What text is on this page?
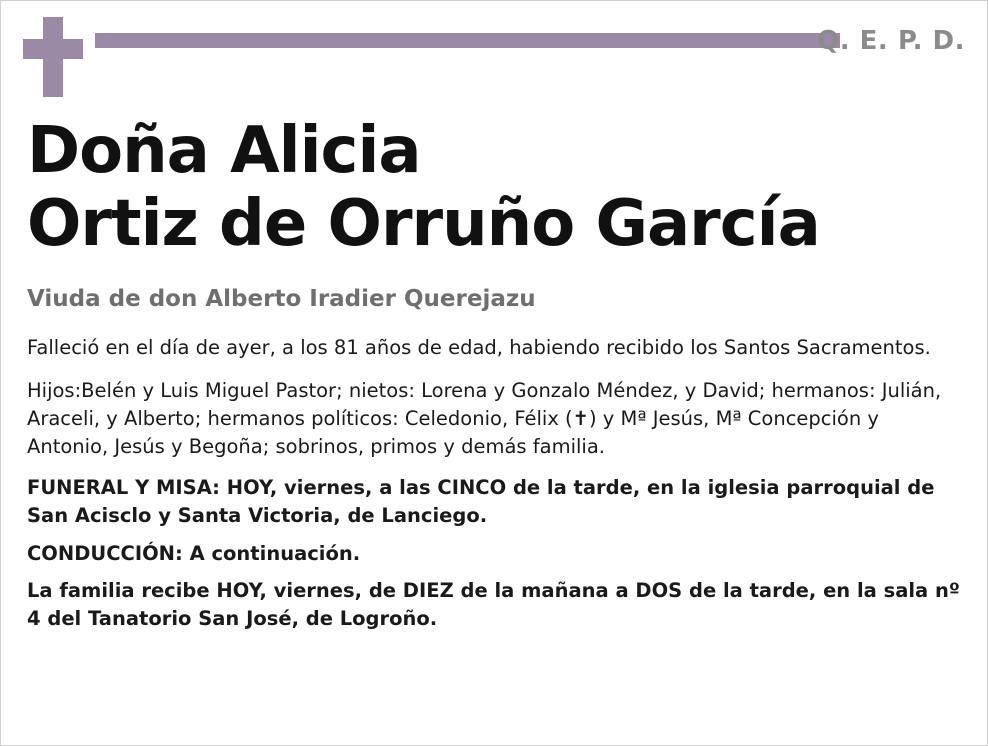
Q. E. P. D.
Doña Alicia
Ortiz de Orruño García
Viuda de don Alberto Iradier Querejazu
Falleció en el día de ayer, a los 81 años de edad, habiendo recibido los Santos Sacramentos.
Hijos:Belén y Luis Miguel Pastor; nietos: Lorena y Gonzalo Méndez, y David; hermanos: Julián, Araceli, y Alberto; hermanos políticos: Celedonio, Félix (✝) y Mª Jesús, Mª Concepción y Antonio, Jesús y Begoña; sobrinos, primos y demás familia.
FUNERAL Y MISA: HOY, viernes, a las CINCO de la tarde, en la iglesia parroquial de San Acisclo y Santa Victoria, de Lanciego.
CONDUCCIÓN: A continuación.
La familia recibe HOY, viernes, de DIEZ de la mañana a DOS de la tarde, en la sala nº 4 del Tanatorio San José, de Logroño.
